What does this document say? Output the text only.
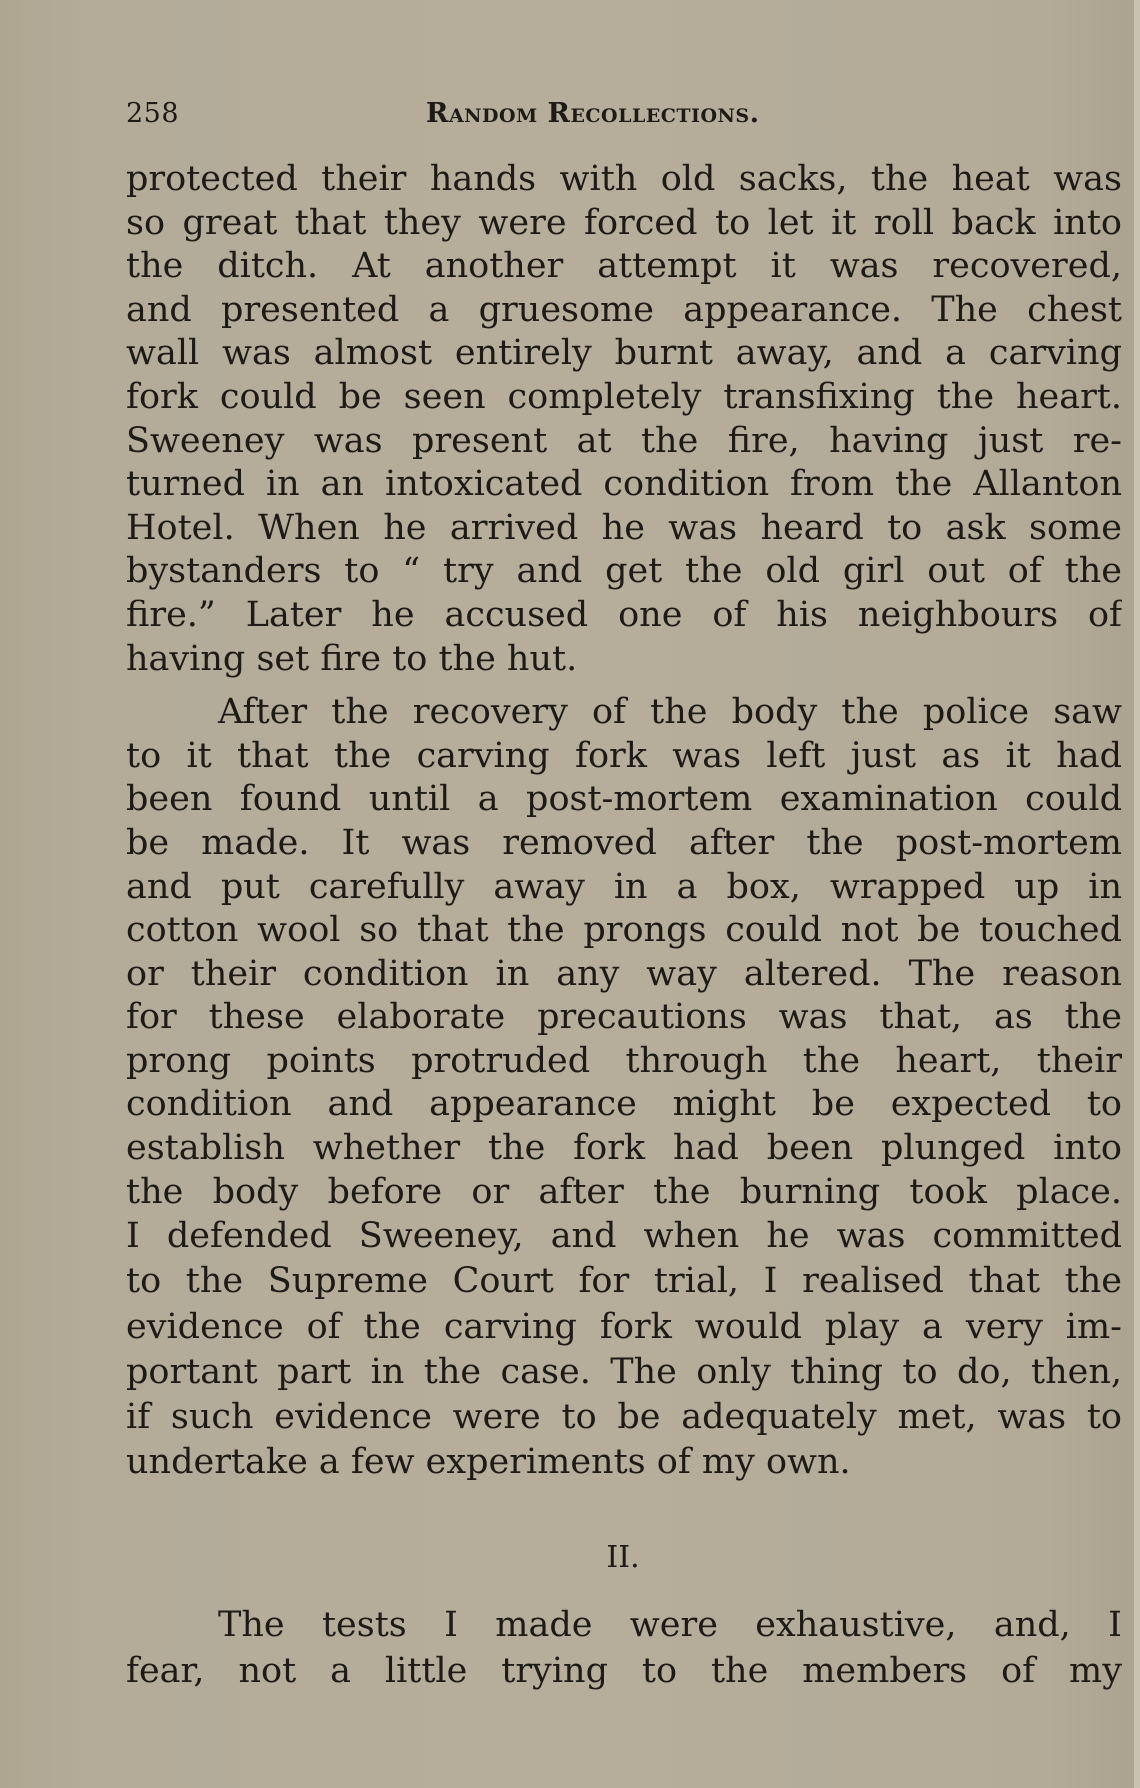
258	Random Recollections.
protected their hands with old sacks, the heat was
so great that they were forced to let it roll back into
the ditch. At another attempt it was recovered,
and presented a gruesome appearance. The chest
wall was almost entirely burnt away, and a carving
fork could be seen completely transfixing the heart.
Sweeney was present at the fire, having just re-
turned in an intoxicated condition from the Allanton
Hotel. When he arrived he was heard to ask some
bystanders to “ try and get the old girl out of the
fire.” Later he accused one of his neighbours of
having set fire to the hut.
After the recovery of the body the police saw
to it that the carving fork was left just as it had
been found until a post-mortem examination could
be made. It was removed after the post-mortem
and put carefully away in a box, wrapped up in
cotton wool so that the prongs could not be touched
or their condition in any way altered. The reason
for these elaborate precautions was that, as the
prong points protruded through the heart, their
condition and appearance might be expected to
establish whether the fork had been plunged into
the body before or after the burning took place.
I defended Sweeney, and when he was committed
to the Supreme Court for trial, I realised that the
evidence of the carving fork would play a very im-
portant part in the case. The only thing to do, then,
if such evidence were to be adequately met, was to
undertake a few experiments of my own.
II.
The tests I made were exhaustive, and, I
fear, not a little trying to the members of my
